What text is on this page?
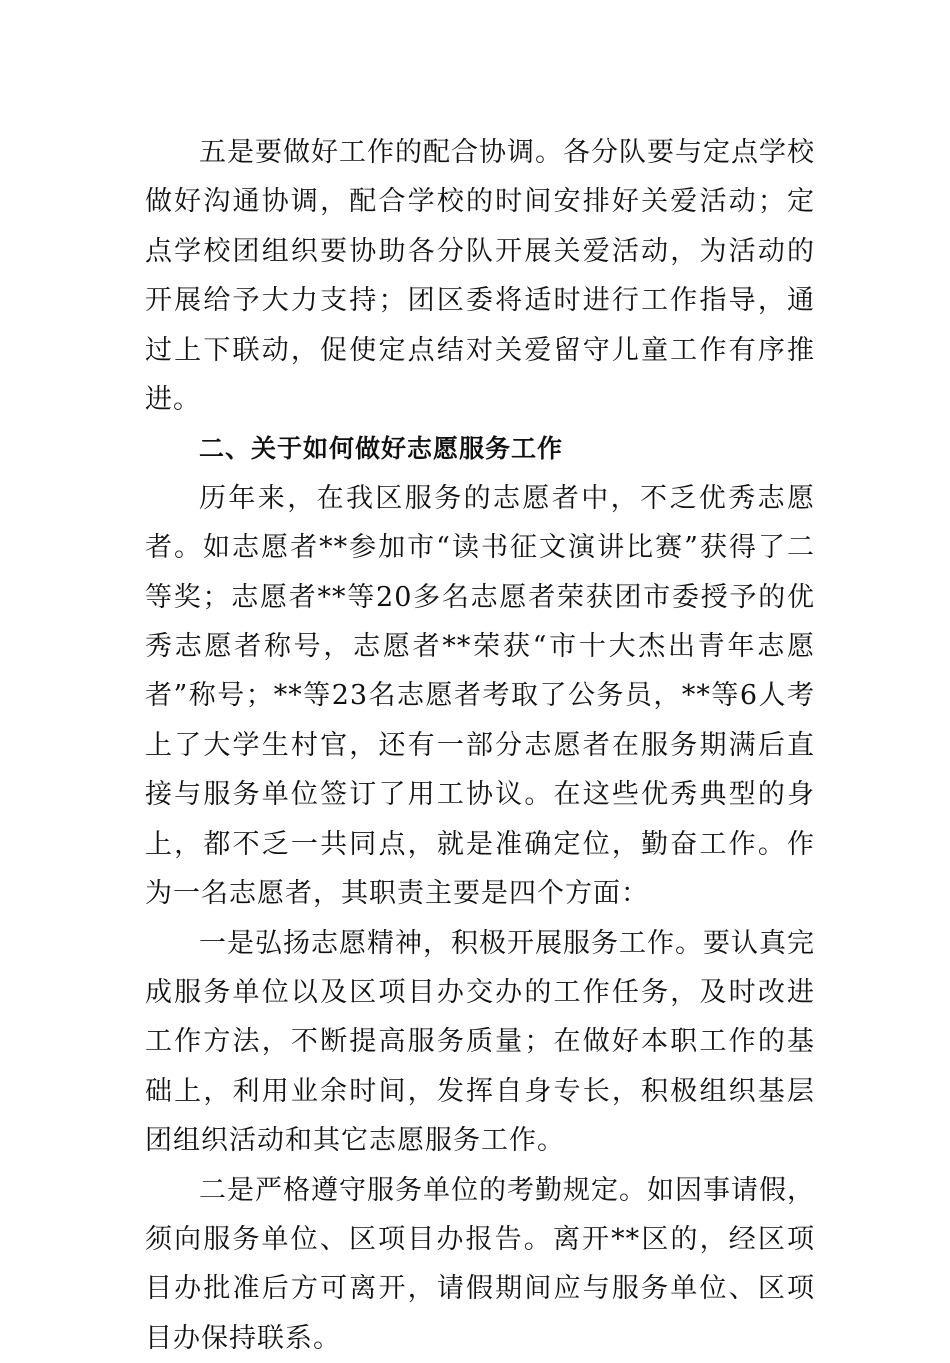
五是要做好工作的配合协调。各分队要与定点学校做好沟通协调，配合学校的时间安排好关爱活动；定点学校团组织要协助各分队开展关爱活动，为活动的开展给予大力支持；团区委将适时进行工作指导，通过上下联动，促使定点结对关爱留守儿童工作有序推进。

二、关于如何做好志愿服务工作

历年来，在我区服务的志愿者中，不乏优秀志愿者。如志愿者**参加市“读书征文演讲比赛”获得了二等奖；志愿者**等20多名志愿者荣获团市委授予的优秀志愿者称号，志愿者**荣获“市十大杰出青年志愿者”称号；**等23名志愿者考取了公务员，**等6人考上了大学生村官，还有一部分志愿者在服务期满后直接与服务单位签订了用工协议。在这些优秀典型的身上，都不乏一共同点，就是准确定位，勤奋工作。作为一名志愿者，其职责主要是四个方面：

一是弘扬志愿精神，积极开展服务工作。要认真完成服务单位以及区项目办交办的工作任务，及时改进工作方法，不断提高服务质量；在做好本职工作的基础上，利用业余时间，发挥自身专长，积极组织基层团组织活动和其它志愿服务工作。

二是严格遵守服务单位的考勤规定。如因事请假，须向服务单位、区项目办报告。离开**区的，经区项目办批准后方可离开，请假期间应与服务单位、区项目办保持联系。
